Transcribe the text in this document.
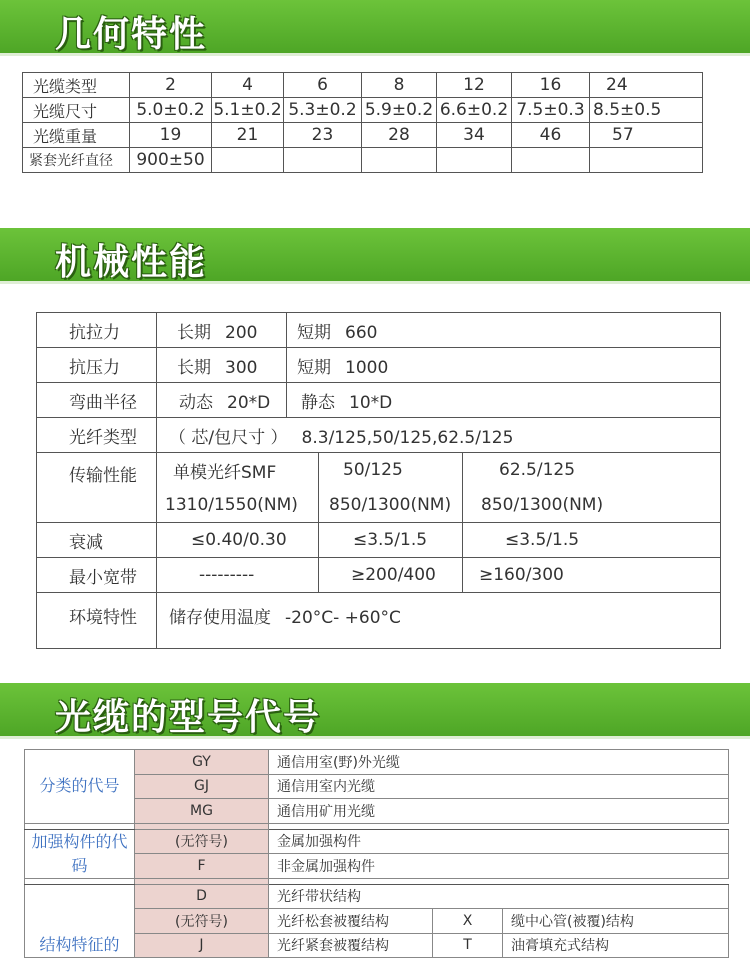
几何特性
光缆类型	2	4	6	8	12	16	24
光缆尺寸	5.0±0.2	5.1±0.2	5.3±0.2	5.9±0.2	6.6±0.2	7.5±0.3	8.5±0.5
光缆重量	19	21	23	28	34	46	57
紧套光纤直径	900±50						
机械性能
抗拉力	长期 200	短期 660		
抗压力	长期 300	短期 1000		
弯曲半径	动态 20*D	静态 10*D		
光纤类型	（ 芯/包尺寸 ） 8.3/125,50/125,62.5/125			
传输性能	单模光纤SMF		50/125	62.5/125
	1310/1550(NM)		850/1300(NM)	850/1300(NM)
衰减	≤0.40/0.30		≤3.5/1.5	≤3.5/1.5
最小宽带	---------		≥200/400	≥160/300
环境特性	储存使用温度 -20°C- +60°C			
光缆的型号代号
分类的代号	GY	通信用室(野)外光缆		
	GJ	通信用室内光缆		
	MG	通信用矿用光缆		

加强构件的代码	(无符号)	金属加强构件		
	F	非金属加强构件		

结构特征的	D	光纤带状结构		
	(无符号)	光纤松套被覆结构	X	缆中心管(被覆)结构
	J	光纤紧套被覆结构	T	油膏填充式结构
